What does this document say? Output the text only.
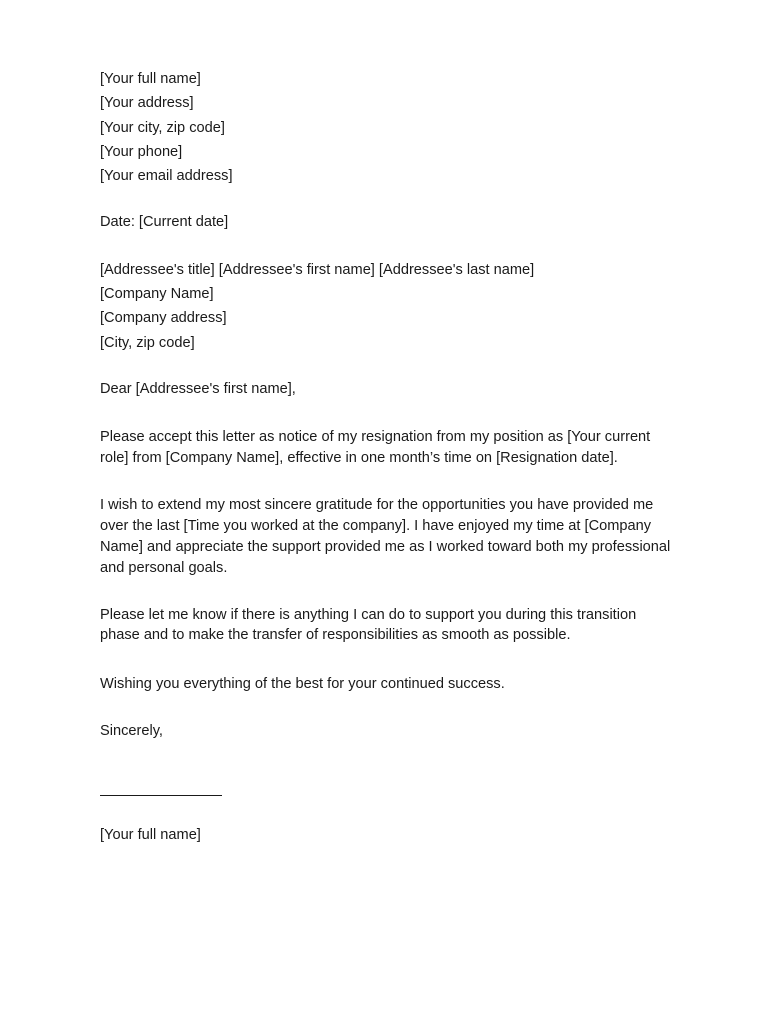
[Your full name]
[Your address]
[Your city, zip code]
[Your phone]
[Your email address]
Date: [Current date]
[Addressee's title] [Addressee's first name] [Addressee's last name]
[Company Name]
[Company address]
[City, zip code]

Dear [Addressee's first name],

Please accept this letter as notice of my resignation from my position as [Your current role] from [Company Name], effective in one month’s time on [Resignation date].

I wish to extend my most sincere gratitude for the opportunities you have provided me over the last [Time you worked at the company]. I have enjoyed my time at [Company Name] and appreciate the support provided me as I worked toward both my professional and personal goals.

Please let me know if there is anything I can do to support you during this transition phase and to make the transfer of responsibilities as smooth as possible.

Wishing you everything of the best for your continued success.

Sincerely,

[Your full name]
